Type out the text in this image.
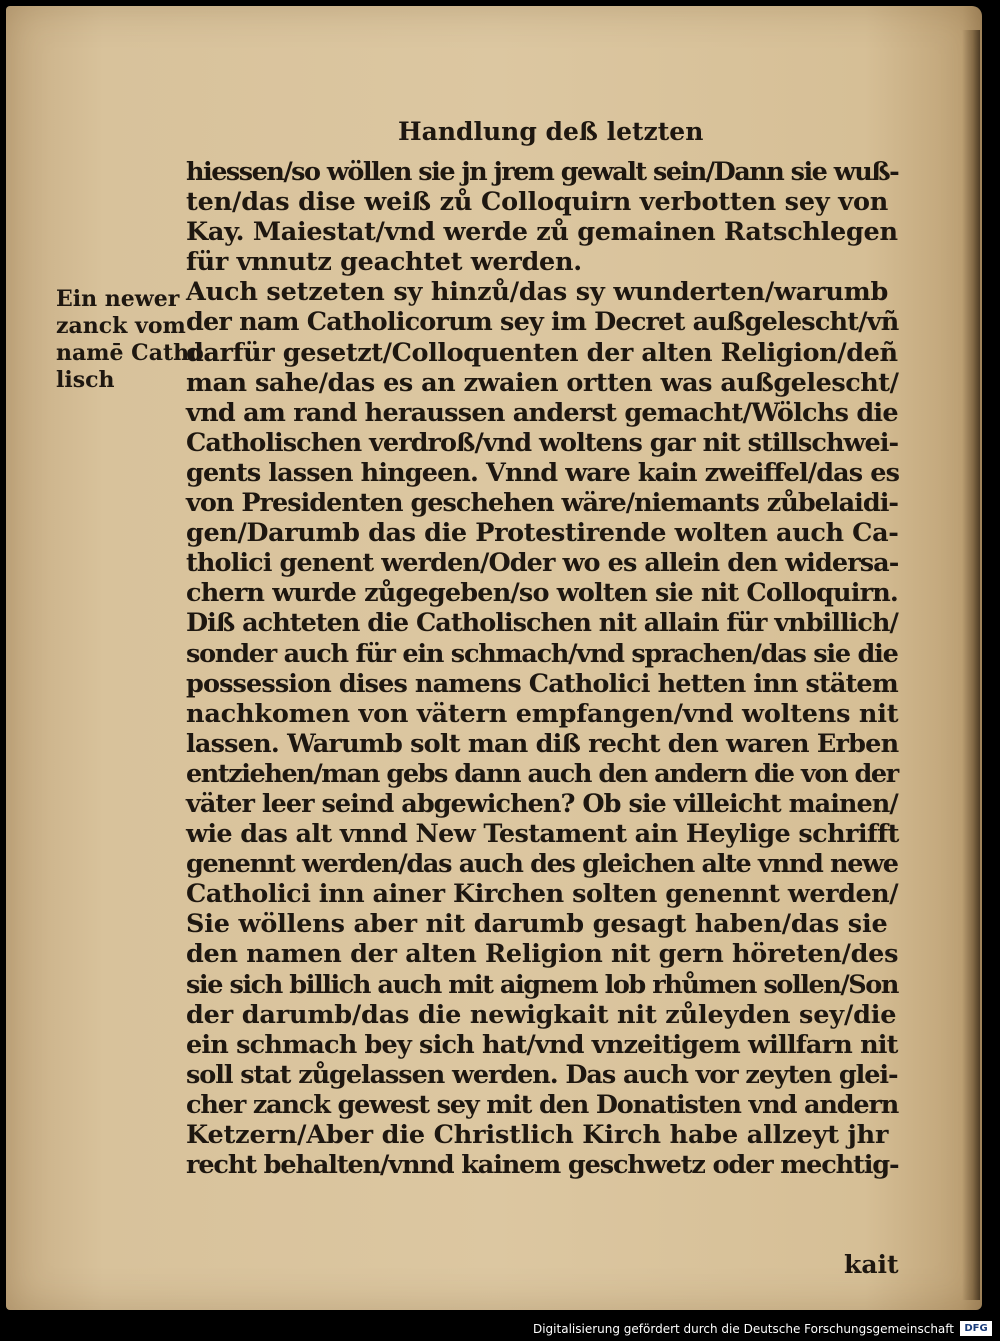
Handlung deß letzten
Ein newer
zanck vom
namē Catho
lisch
hiessen/so wöllen sie jn jrem gewalt sein/Dann sie wuß-
ten/das dise weiß zů Colloquirn verbotten sey von
Kay. Maiestat/vnd werde zů gemainen Ratschlegen
für vnnutz geachtet werden.
Auch setzeten sy hinzů/das sy wunderten/warumb
der nam Catholicorum sey im Decret außgelescht/vñ
darfür gesetzt/Colloquenten der alten Religion/deñ
man sahe/das es an zwaien ortten was außgelescht/
vnd am rand heraussen anderst gemacht/Wölchs die
Catholischen verdroß/vnd woltens gar nit stillschwei-
gents lassen hingeen. Vnnd ware kain zweiffel/das es
von Presidenten geschehen wäre/niemants zůbelaidi-
gen/Darumb das die Protestirende wolten auch Ca-
tholici genent werden/Oder wo es allein den widersa-
chern wurde zůgegeben/so wolten sie nit Colloquirn.
Diß achteten die Catholischen nit allain für vnbillich/
sonder auch für ein schmach/vnd sprachen/das sie die
possession dises namens Catholici hetten inn stätem
nachkomen von vätern empfangen/vnd woltens nit
lassen. Warumb solt man diß recht den waren Erben
entziehen/man gebs dann auch den andern die von der
väter leer seind abgewichen? Ob sie villeicht mainen/
wie das alt vnnd New Testament ain Heylige schrifft
genennt werden/das auch des gleichen alte vnnd newe
Catholici inn ainer Kirchen solten genennt werden/
Sie wöllens aber nit darumb gesagt haben/das sie
den namen der alten Religion nit gern höreten/des
sie sich billich auch mit aignem lob rhůmen sollen/Son
der darumb/das die newigkait nit zůleyden sey/die
ein schmach bey sich hat/vnd vnzeitigem willfarn nit
soll stat zůgelassen werden. Das auch vor zeyten glei-
cher zanck gewest sey mit den Donatisten vnd andern
Ketzern/Aber die Christlich Kirch habe allzeyt jhr
recht behalten/vnnd kainem geschwetz oder mechtig-
kait
Digitalisierung gefördert durch die Deutsche Forschungsgemeinschaft	DFG
